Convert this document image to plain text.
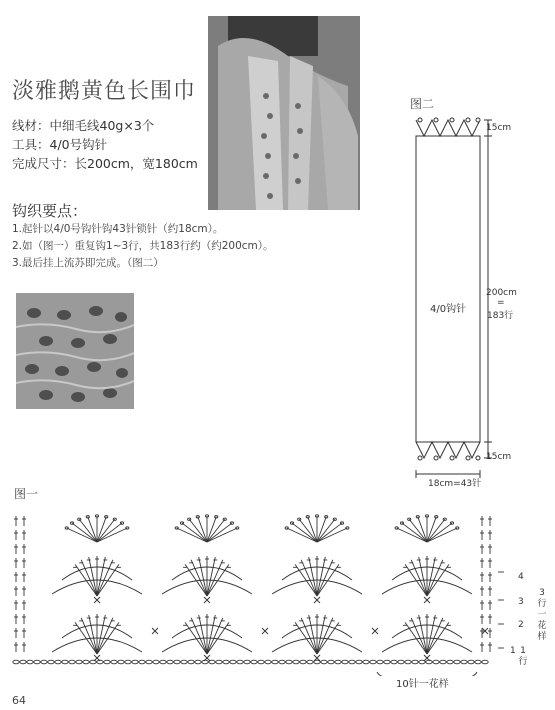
淡雅鹅黄色长围巾
线材：中细毛线40g×3个
工具：4/0号钩针
完成尺寸：长200cm，宽180cm
钩织要点：
1.起针以4/0号钩针钩43针锁针（约18cm）。
2.如（图一）重复钩1~3行，共183行约（约200cm）。
3.最后挂上流苏即完成。（图二）
图二
15cm
15cm
4/0钩针
200cm
=
183行
18cm=43针
图一
4
3
2
1
3
行
一
花
样
1
行
10针一花样
64
